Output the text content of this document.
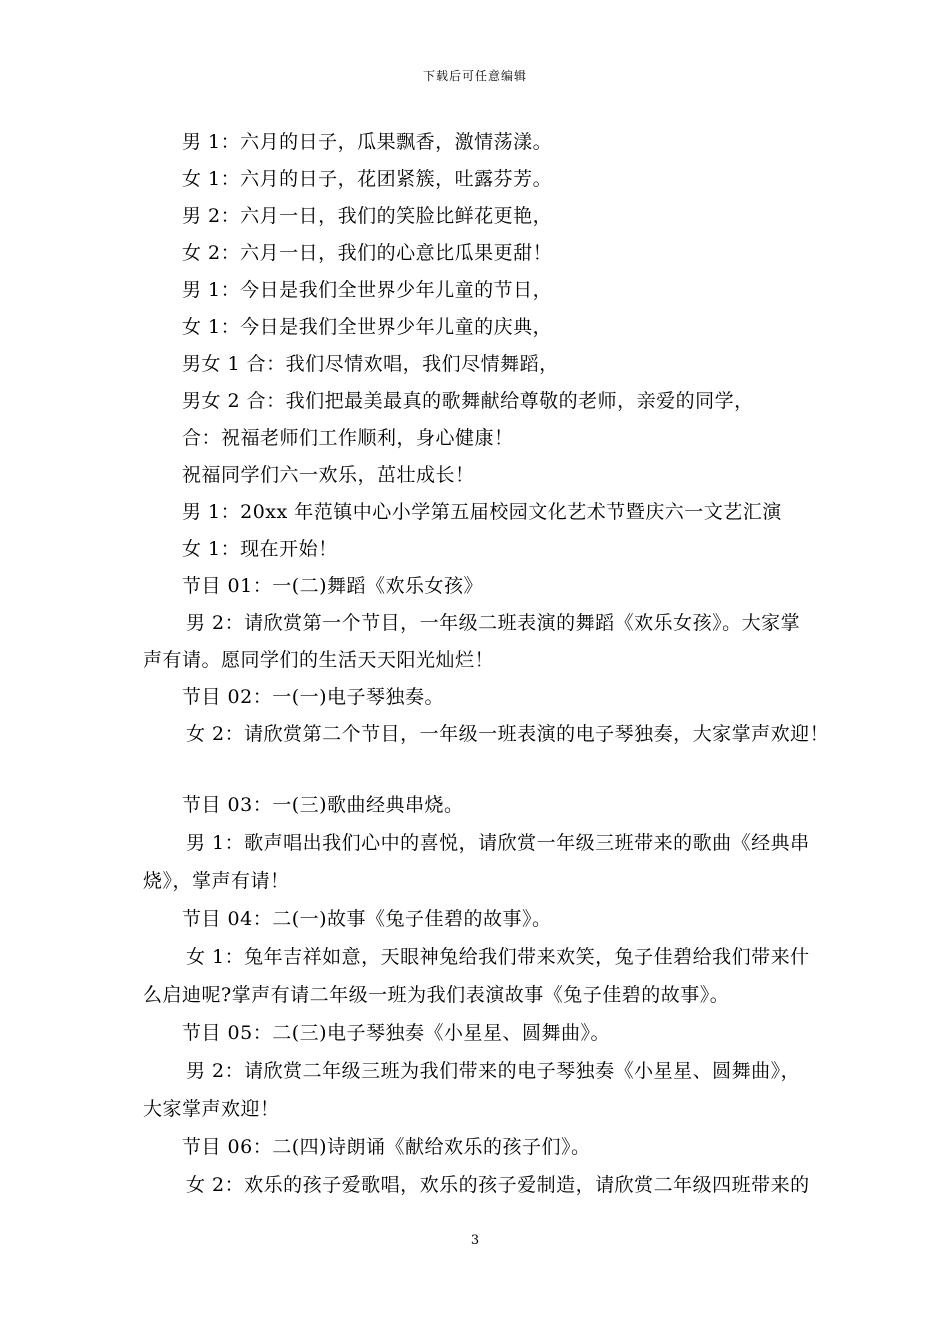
下载后可任意编辑
男 1：六月的日子，瓜果飘香，激情荡漾。
女 1：六月的日子，花团紧簇，吐露芬芳。
男 2：六月一日，我们的笑脸比鲜花更艳，
女 2：六月一日，我们的心意比瓜果更甜！
男 1：今日是我们全世界少年儿童的节日，
女 1：今日是我们全世界少年儿童的庆典，
男女 1 合：我们尽情欢唱，我们尽情舞蹈，
男女 2 合：我们把最美最真的歌舞献给尊敬的老师，亲爱的同学，
合：祝福老师们工作顺利，身心健康！
祝福同学们六一欢乐，茁壮成长！
男 1：20xx 年范镇中心小学第五届校园文化艺术节暨庆六一文艺汇演
女 1：现在开始！
节目 01：一(二)舞蹈《欢乐女孩》
男 2：请欣赏第一个节目，一年级二班表演的舞蹈《欢乐女孩》。大家掌
声有请。愿同学们的生活天天阳光灿烂！
节目 02：一(一)电子琴独奏。
女 2：请欣赏第二个节目，一年级一班表演的电子琴独奏，大家掌声欢迎！
节目 03：一(三)歌曲经典串烧。
男 1：歌声唱出我们心中的喜悦，请欣赏一年级三班带来的歌曲《经典串
烧》，掌声有请！
节目 04：二(一)故事《兔子佳碧的故事》。
女 1：兔年吉祥如意，天眼神兔给我们带来欢笑，兔子佳碧给我们带来什
么启迪呢?掌声有请二年级一班为我们表演故事《兔子佳碧的故事》。
节目 05：二(三)电子琴独奏《小星星、圆舞曲》。
男 2：请欣赏二年级三班为我们带来的电子琴独奏《小星星、圆舞曲》，
大家掌声欢迎！
节目 06：二(四)诗朗诵《献给欢乐的孩子们》。
女 2：欢乐的孩子爱歌唱，欢乐的孩子爱制造，请欣赏二年级四班带来的
3
